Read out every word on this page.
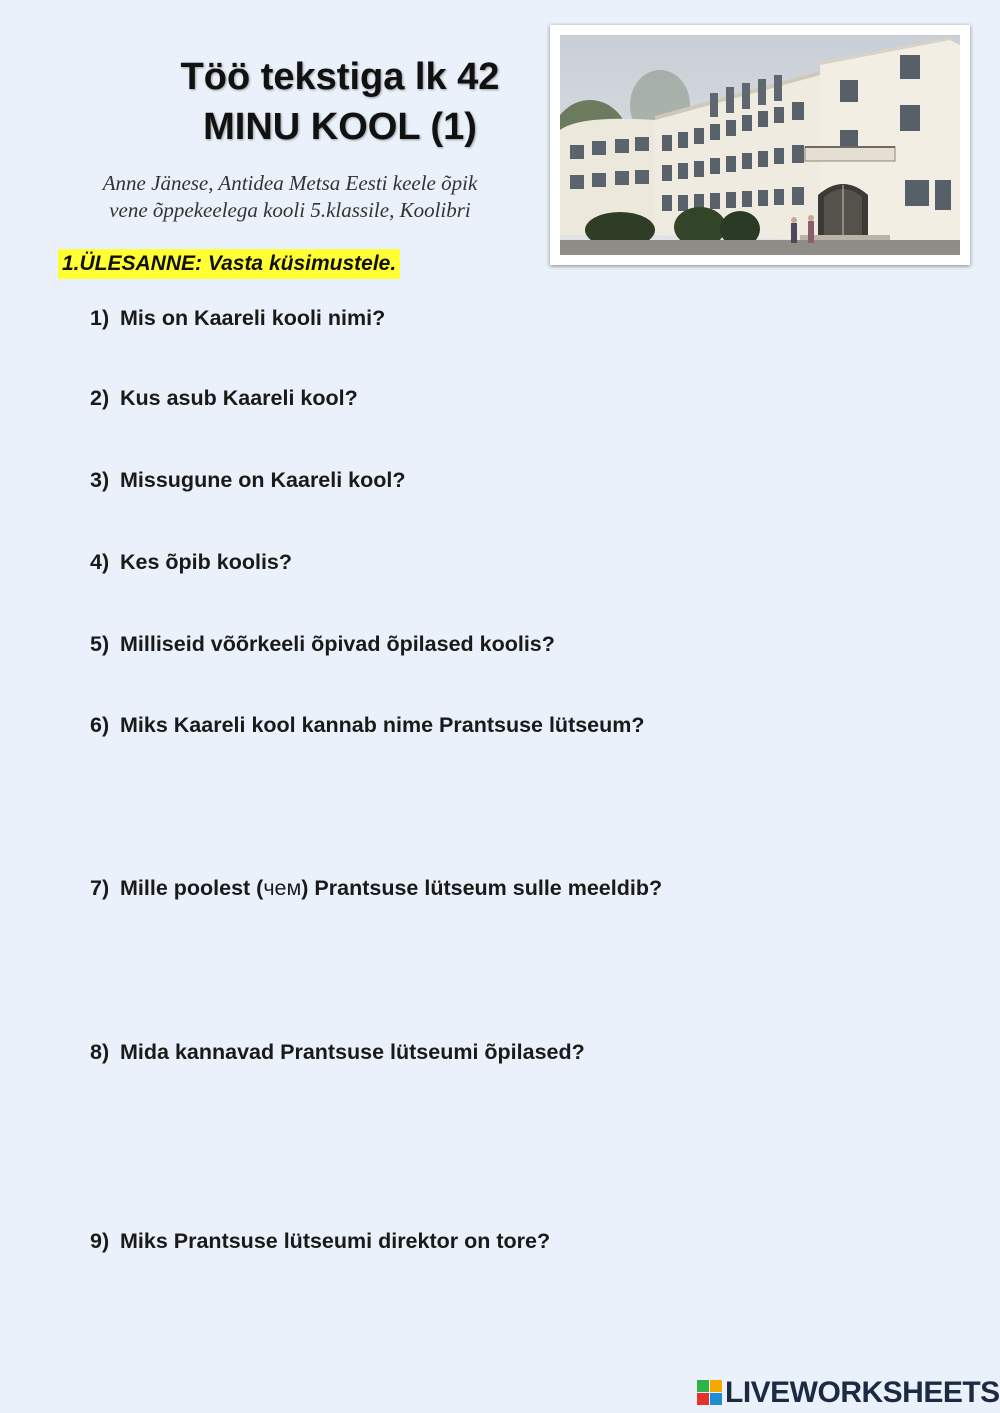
Töö tekstiga lk 42
MINU KOOL (1)
Anne Jänese, Antidea Metsa Eesti keele õpik
vene õppekeelega kooli 5.klassile, Koolibri
1.ÜLESANNE: Vasta küsimustele.
1) Mis on Kaareli kooli nimi?
2) Kus asub Kaareli kool?
3) Missugune on Kaareli kool?
4) Kes õpib koolis?
5) Milliseid võõrkeeli õpivad õpilased koolis?
6) Miks Kaareli kool kannab nime Prantsuse lütseum?
7) Mille poolest (чем) Prantsuse lütseum sulle meeldib?
8) Mida kannavad Prantsuse lütseumi õpilased?
9) Miks Prantsuse lütseumi direktor on tore?
LIVEWORKSHEETS
